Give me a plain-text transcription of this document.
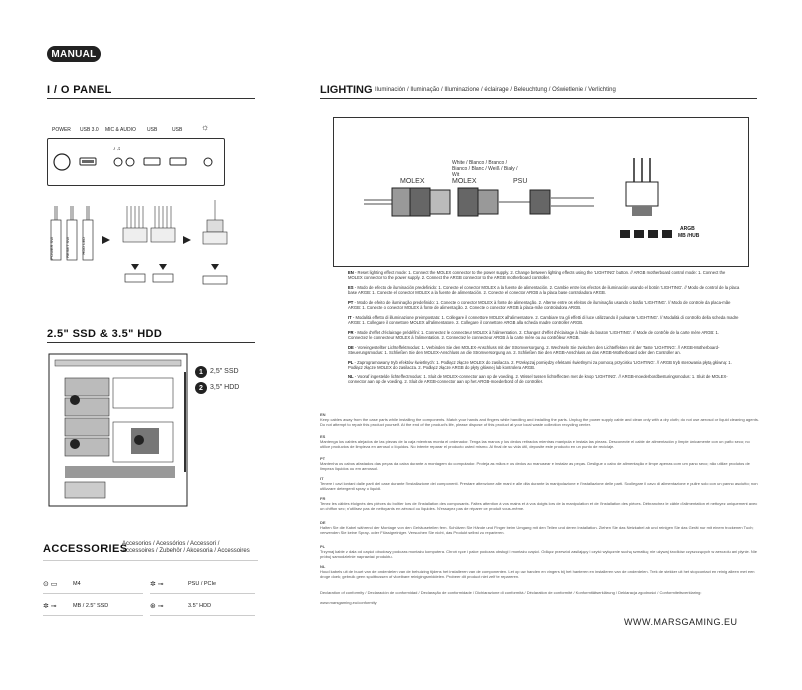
MANUAL
I / O PANEL
POWER USB 3.0 MIC & AUDIO USB	USB ☼
♪ ♫
POWER SW	RESET SW	HDD LED
2.5" SSD & 3.5" HDD
1	2,5" SSD
2	3,5" HDD
ACCESSORIES
Accesorios / Acessórios / Accessori /
Accessoires / Zubehör / Akcesoria / Accessoires
⊙ ▭	M4	✲ ⊸	PSU / PCIe
✲ ⊸	MB / 2.5" SSD	⊛ ⊸	3.5" HDD
LIGHTING Iluminación / Iluminação / Illuminazione / éclairage / Beleuchtung / Oświetlenie / Verlichting
White / Blanco / Branco / Bianco / Blanc / Weiß / Biały / Wit
MOLEX	MOLEX	PSU
ARGB
MB /HUB
EN - Reset lighting effect mode: 1. Connect the MOLEX connector to the power supply. 2. Change between lighting effects using the 'LIGHTING' button. // ARGB motherboard control mode: 1. Connect the MOLEX connector to the power supply. 2. Connect the ARGB connector to the ARGB motherboard controller.
ES - Modo de efecto de iluminación predefinido: 1. Conecte el conector MOLEX a la fuente de alimentación. 2. Cambie entre los efectos de iluminación usando el botón 'LIGHTING'. // Modo de control de la placa base ARGB: 1. Conecte el conector MOLEX a la fuente de alimentación. 2. Conecte el conector ARGB a la placa base controladora ARGB.
PT - Modo de efeito de iluminação predefinido: 1. Conecte o conector MOLEX à fonte de alimentação. 2. Alterne entre os efeitos de iluminação usando o botão 'LIGHTING'. // Modo de controle da placa-mãe ARGB: 1. Conecte o conector MOLEX à fonte de alimentação. 2. Conecte o conector ARGB à placa-mãe controladora ARGB.
IT - Modalità effetto di illuminazione preimpostato: 1. Collegare il connettore MOLEX all'alimentatore. 2. Cambiare tra gli effetti di luce utilizzando il pulsante 'LIGHTING'. // Modalità di controllo della scheda madre ARGB: 1. Collegare il connettore MOLEX all'alimentatore. 2. Collegare il connettore ARGB alla scheda madre controller ARGB.
FR - Mode d'effet d'éclairage prédéfini: 1. Connectez le connecteur MOLEX à l'alimentation. 2. Changez d'effet d'éclairage à l'aide du bouton 'LIGHTING'. // Mode de contrôle de la carte mère ARGB: 1. Connectez le connecteur MOLEX à l'alimentation. 2. Connectez le connecteur ARGB à la carte mère ou au contrôleur ARGB.
DE - Voreingestellter Lichteffektmodus: 1. Verbinden Sie den MOLEX-Anschluss mit der Stromversorgung. 2. Wechseln Sie zwischen den Lichteffekten mit der Taste 'LIGHTING'. // ARGB-Motherboard-Steuerungsmodus: 1. Schließen Sie den MOLEX-Anschluss an die Stromversorgung an. 2. Schließen Sie den ARGB-Anschluss an das ARGB-Motherboard oder den Controller an.
PL - Zaprogramowany tryb efektów świetlnych: 1. Podłącz złącze MOLEX do zasilacza. 2. Przełączaj pomiędzy efektami świetlnymi za pomocą przycisku 'LIGHTING'. // ARGB tryb sterowania płytą główną: 1. Podłącz złącze MOLEX do zasilacza. 2. Podłącz złącze ARGB do płyty głównej lub kontrolera ARGB.
NL - Vooraf ingestelde lichteffectmodus: 1. Sluit de MOLEX-connector aan op de voeding. 2. Wissel tussen lichteffecten met de knop 'LIGHTING'. // ARGB-moederbordbesturingsmodus: 1. Sluit de MOLEX-connector aan op de voeding. 2. Sluit de ARGB-connector aan op het ARGB-moederbord of de controller.
EN
Keep cables away from the case parts while installing the components. Match your hands and fingers while handling and installing the parts. Unplug the power supply cable and clean only with a dry cloth; do not use aerosol or liquid cleaning agents. Do not attempt to repair this product yourself. At the end of the product's life, please dispose of this product at your local waste collection recycling center.
ES
Mantenga los cables alejados de las piezas de la caja mientras monta el ordenador. Tenga las manos y los dedos retirados mientras manipula e instala las piezas. Desconecte el cable de alimentación y limpie únicamente con un paño seco; no utilice productos de limpieza en aerosol o líquidos. No intente reparar el producto usted mismo. Al final de su vida útil, deposite este producto en un punto de reciclaje.
PT
Mantenha os cabos afastados das peças da caixa durante a montagem do computador. Proteja as mãos e os dedos ao manusear e instalar as peças. Desligue o cabo de alimentação e limpe apenas com um pano seco; não utilize produtos de limpeza líquidos ou em aerossol.
IT
Tenere i cavi lontani dalle parti del case durante l'installazione dei componenti. Prestare attenzione alle mani e alle dita durante la manipolazione e l'installazione delle parti. Scollegare il cavo di alimentazione e pulire solo con un panno asciutto; non utilizzare detergenti spray o liquidi.
FR
Tenez les câbles éloignés des pièces du boîtier lors de l'installation des composants. Faites attention à vos mains et à vos doigts lors de la manipulation et de l'installation des pièces. Débranchez le câble d'alimentation et nettoyez uniquement avec un chiffon sec; n'utilisez pas de nettoyants en aérosol ou liquides. N'essayez pas de réparer ce produit vous-même.
DE
Halten Sie die Kabel während der Montage von den Gehäuseteilen fern. Schützen Sie Hände und Finger beim Umgang mit den Teilen und deren Installation. Ziehen Sie das Netzkabel ab und reinigen Sie das Gerät nur mit einem trockenen Tuch; verwenden Sie keine Spray- oder Flüssigreiniger. Versuchen Sie nicht, das Produkt selbst zu reparieren.
PL
Trzymaj kable z dala od części obudowy podczas montażu komputera. Chroń ręce i palce podczas obsługi i montażu części. Odłącz przewód zasilający i czyść wyłącznie suchą szmatką; nie używaj środków czyszczących w aerozolu ani płynie. Nie próbuj samodzielnie naprawiać produktu.
NL
Houd kabels uit de buurt van de onderdelen van de behuizing tijdens het installeren van de componenten. Let op uw handen en vingers bij het hanteren en installeren van de onderdelen. Trek de stekker uit het stopcontact en reinig alleen met een droge doek; gebruik geen spuitbussen of vloeibare reinigingsmiddelen. Probeer dit product niet zelf te repareren.
Declaration of conformity / Declaración de conformidad / Declaração de conformidade / Dichiarazione di conformità / Déclaration de conformité / Konformitätserklärung / Deklaracja zgodności / Conformiteitsverklaring:
www.marsgaming.eu/conformity
WWW.MARSGAMING.EU
